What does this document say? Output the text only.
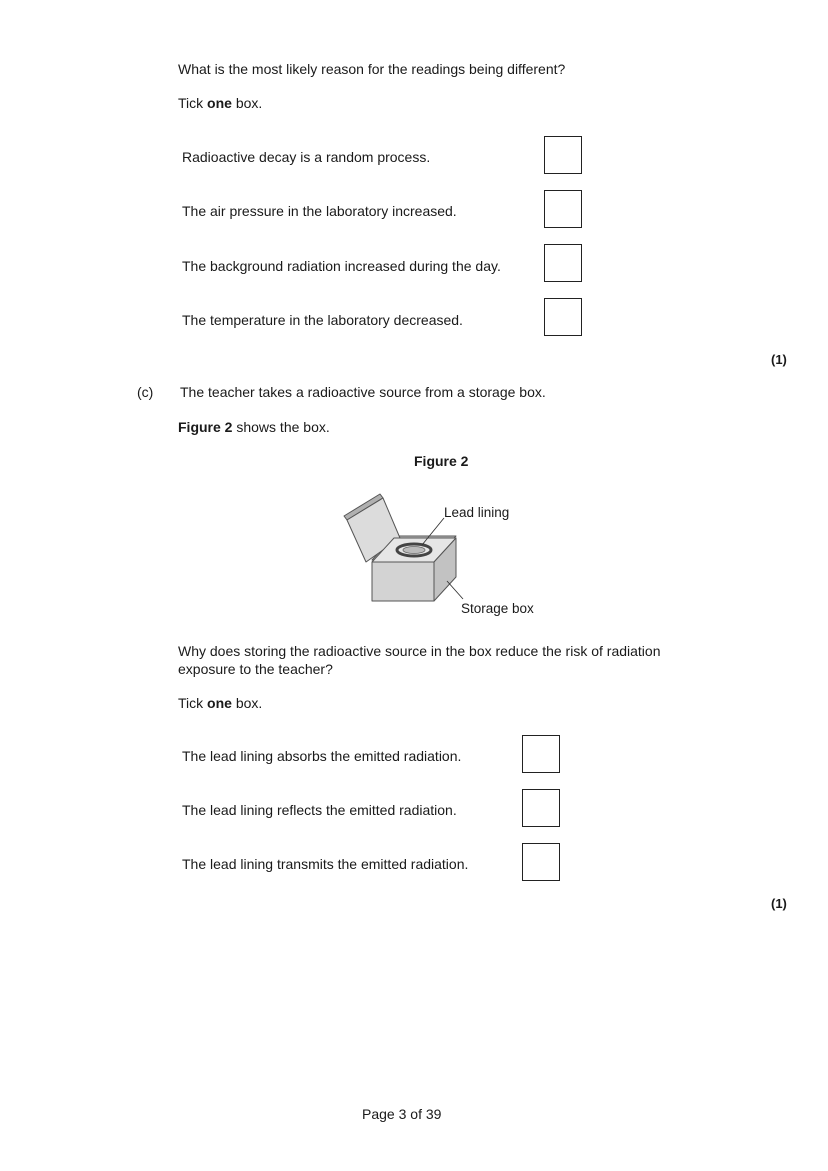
What is the most likely reason for the readings being different?
Tick one box.
Radioactive decay is a random process.
The air pressure in the laboratory increased.
The background radiation increased during the day.
The temperature in the laboratory decreased.
(1)
(c) The teacher takes a radioactive source from a storage box.
Figure 2 shows the box.
Figure 2
Lead lining
Storage box
Why does storing the radioactive source in the box reduce the risk of radiation
exposure to the teacher?
Tick one box.
The lead lining absorbs the emitted radiation.
The lead lining reflects the emitted radiation.
The lead lining transmits the emitted radiation.
(1)
Page 3 of 39
